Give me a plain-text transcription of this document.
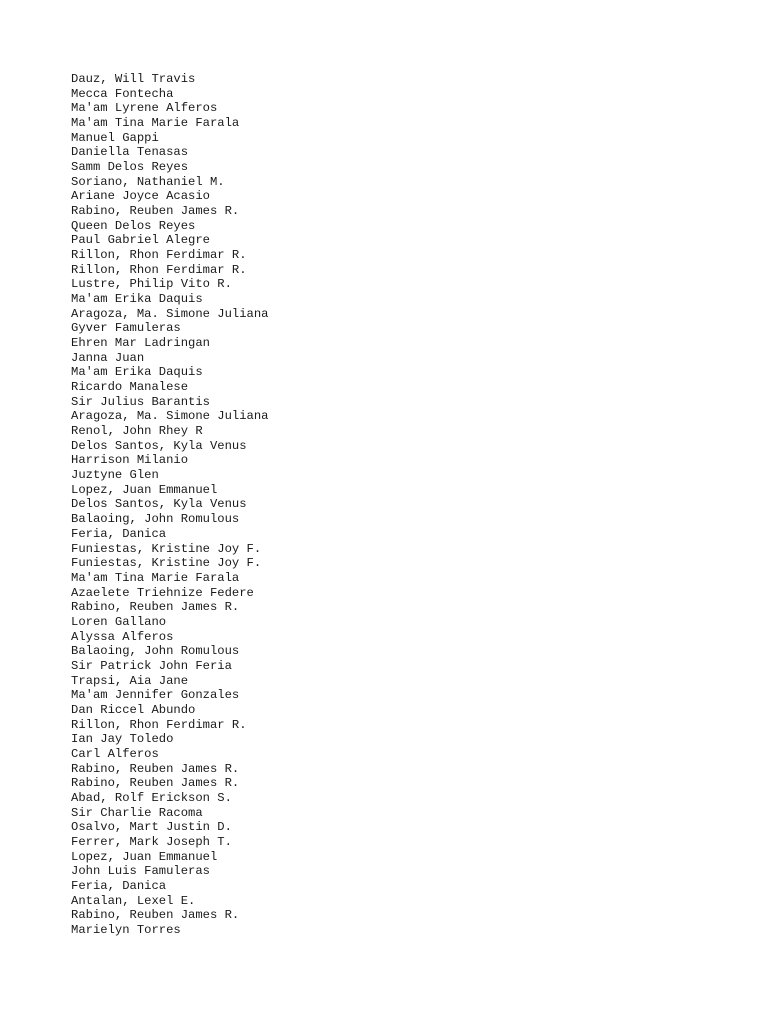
Dauz, Will Travis
Mecca Fontecha
Ma'am Lyrene Alferos
Ma'am Tina Marie Farala
Manuel Gappi
Daniella Tenasas
Samm Delos Reyes
Soriano, Nathaniel M.
Ariane Joyce Acasio
Rabino, Reuben James R.
Queen Delos Reyes
Paul Gabriel Alegre
Rillon, Rhon Ferdimar R.
Rillon, Rhon Ferdimar R.
Lustre, Philip Vito R.
Ma'am Erika Daquis
Aragoza, Ma. Simone Juliana
Gyver Famuleras
Ehren Mar Ladringan
Janna Juan
Ma'am Erika Daquis
Ricardo Manalese
Sir Julius Barantis
Aragoza, Ma. Simone Juliana
Renol, John Rhey R
Delos Santos, Kyla Venus
Harrison Milanio
Juztyne Glen
Lopez, Juan Emmanuel
Delos Santos, Kyla Venus
Balaoing, John Romulous
Feria, Danica
Funiestas, Kristine Joy F.
Funiestas, Kristine Joy F.
Ma'am Tina Marie Farala
Azaelete Triehnize Federe
Rabino, Reuben James R.
Loren Gallano
Alyssa Alferos
Balaoing, John Romulous
Sir Patrick John Feria
Trapsi, Aia Jane
Ma'am Jennifer Gonzales
Dan Riccel Abundo
Rillon, Rhon Ferdimar R.
Ian Jay Toledo
Carl Alferos
Rabino, Reuben James R.
Rabino, Reuben James R.
Abad, Rolf Erickson S.
Sir Charlie Racoma
Osalvo, Mart Justin D.
Ferrer, Mark Joseph T.
Lopez, Juan Emmanuel
John Luis Famuleras
Feria, Danica
Antalan, Lexel E.
Rabino, Reuben James R.
Marielyn Torres
